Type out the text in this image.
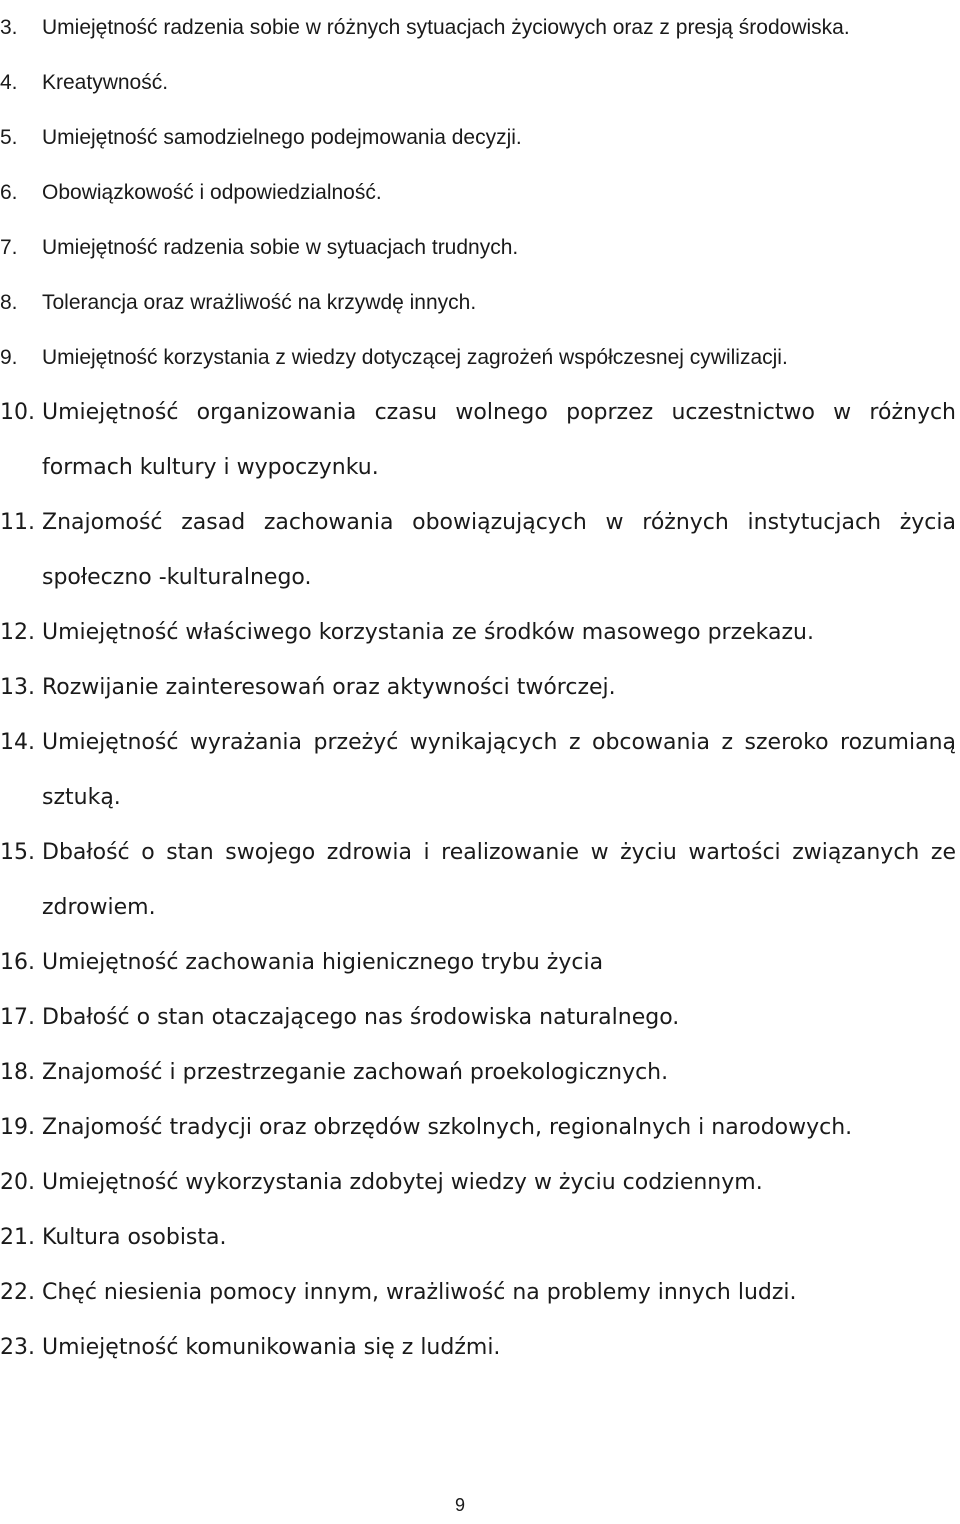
3. Umiejętność radzenia sobie w różnych sytuacjach życiowych oraz z presją środowiska.
4. Kreatywność.
5. Umiejętność samodzielnego podejmowania decyzji.
6. Obowiązkowość i odpowiedzialność.
7. Umiejętność radzenia sobie w sytuacjach trudnych.
8. Tolerancja oraz wrażliwość na krzywdę innych.
9. Umiejętność korzystania z wiedzy dotyczącej zagrożeń współczesnej cywilizacji.
10. Umiejętność organizowania czasu wolnego poprzez uczestnictwo w różnych formach kultury i wypoczynku.
11. Znajomość zasad zachowania obowiązujących w różnych instytucjach życia społeczno -kulturalnego.
12. Umiejętność właściwego korzystania ze środków masowego przekazu.
13. Rozwijanie zainteresowań oraz aktywności twórczej.
14. Umiejętność wyrażania przeżyć wynikających z obcowania z szeroko rozumianą sztuką.
15. Dbałość o stan swojego zdrowia i realizowanie w życiu wartości związanych ze zdrowiem.
16. Umiejętność zachowania higienicznego trybu życia
17. Dbałość o stan otaczającego nas środowiska naturalnego.
18. Znajomość i przestrzeganie zachowań proekologicznych.
19. Znajomość tradycji oraz obrzędów szkolnych, regionalnych i narodowych.
20. Umiejętność wykorzystania zdobytej wiedzy w życiu codziennym.
21. Kultura osobista.
22. Chęć niesienia pomocy innym, wrażliwość na problemy innych ludzi.
23. Umiejętność komunikowania się z ludźmi.
9
